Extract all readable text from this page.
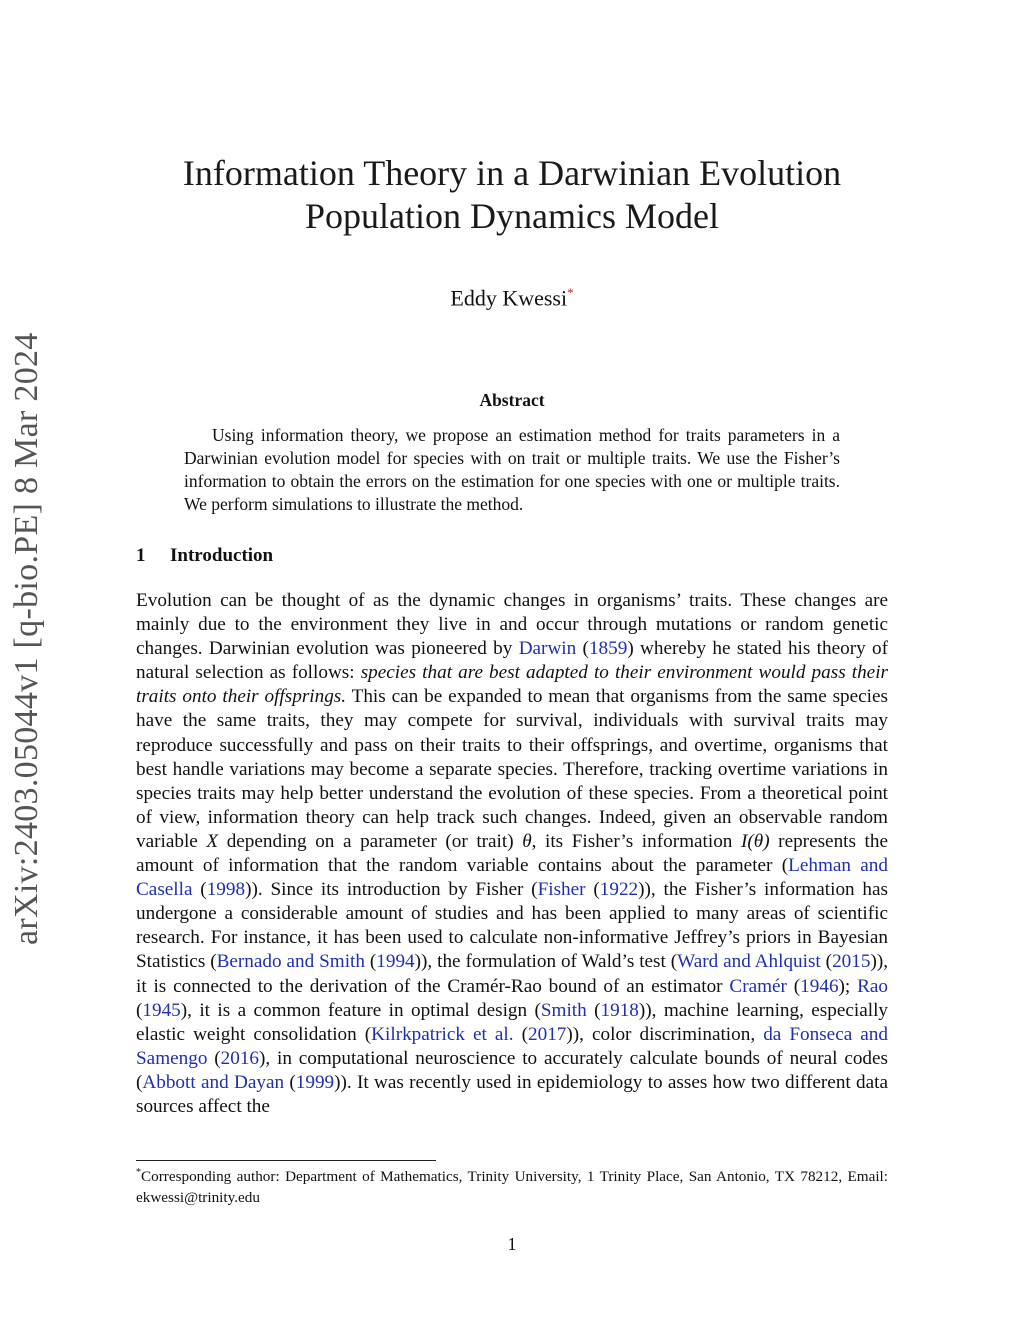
arXiv:2403.05044v1 [q-bio.PE] 8 Mar 2024
Information Theory in a Darwinian Evolution
Population Dynamics Model
Eddy Kwessi*
Abstract
Using information theory, we propose an estimation method for traits parameters in a Darwinian evolution model for species with on trait or multiple traits. We use the Fisher’s information to obtain the errors on the estimation for one species with one or multiple traits. We perform simulations to illustrate the method.
1 Introduction
Evolution can be thought of as the dynamic changes in organisms’ traits. These changes are mainly due to the environment they live in and occur through mutations or random genetic changes. Darwinian evolution was pioneered by Darwin (1859) whereby he stated his theory of natural selection as follows: species that are best adapted to their environment would pass their traits onto their offsprings. This can be expanded to mean that organisms from the same species have the same traits, they may compete for survival, individuals with survival traits may reproduce successfully and pass on their traits to their offsprings, and overtime, organisms that best handle variations may become a separate species. Therefore, tracking overtime variations in species traits may help better understand the evolution of these species. From a theoretical point of view, information theory can help track such changes. Indeed, given an observable random variable X depending on a parameter (or trait) θ, its Fisher’s information I(θ) represents the amount of information that the random variable contains about the parameter (Lehman and Casella (1998)). Since its introduction by Fisher (Fisher (1922)), the Fisher’s information has undergone a considerable amount of studies and has been applied to many areas of scientific research. For instance, it has been used to calculate non-informative Jeffrey’s priors in Bayesian Statistics (Bernado and Smith (1994)), the formulation of Wald’s test (Ward and Ahlquist (2015)), it is connected to the derivation of the Cramér-Rao bound of an estimator Cramér (1946); Rao (1945), it is a common feature in optimal design (Smith (1918)), machine learning, especially elastic weight consolidation (Kilrkpatrick et al. (2017)), color discrimination, da Fonseca and Samengo (2016), in computational neuroscience to accurately calculate bounds of neural codes (Abbott and Dayan (1999)). It was recently used in epidemiology to asses how two different data sources affect the
*Corresponding author: Department of Mathematics, Trinity University, 1 Trinity Place, San Antonio, TX 78212, Email: ekwessi@trinity.edu
1
